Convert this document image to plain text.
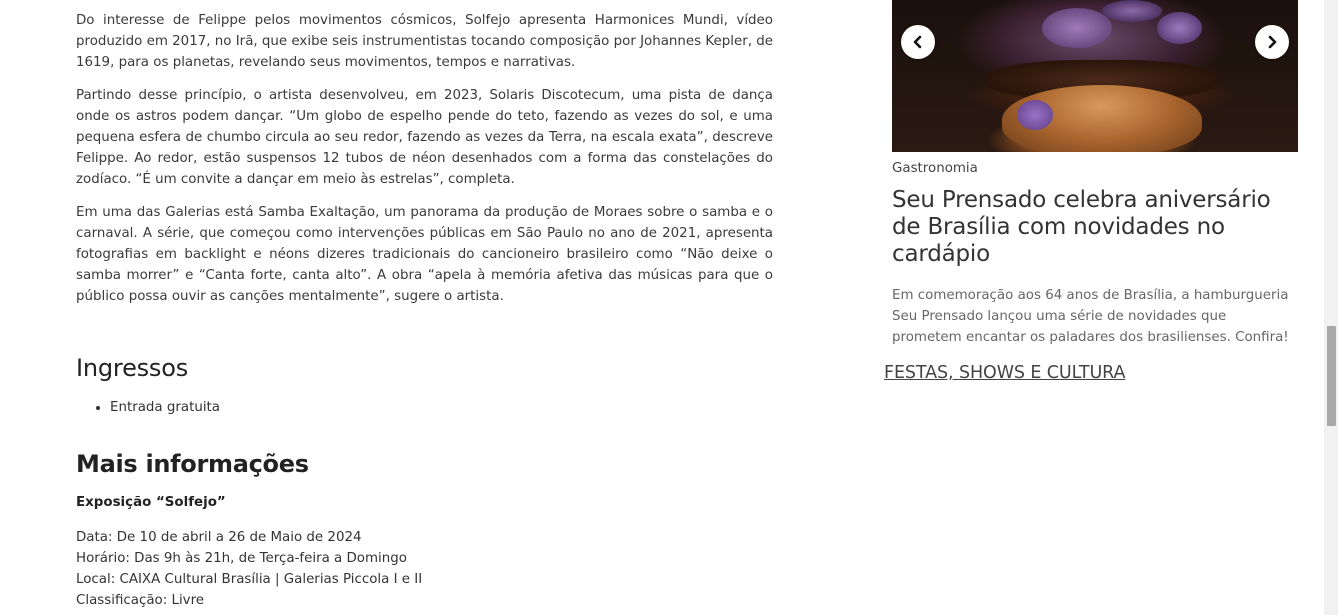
Do interesse de Felippe pelos movimentos cósmicos, Solfejo apresenta Harmonices Mundi, vídeo produzido em 2017, no Irã, que exibe seis instrumentistas tocando composição por Johannes Kepler, de 1619, para os planetas, revelando seus movimentos, tempos e narrativas.

Partindo desse princípio, o artista desenvolveu, em 2023, Solaris Discotecum, uma pista de dança onde os astros podem dançar. “Um globo de espelho pende do teto, fazendo as vezes do sol, e uma pequena esfera de chumbo circula ao seu redor, fazendo as vezes da Terra, na escala exata”, descreve Felippe. Ao redor, estão suspensos 12 tubos de néon desenhados com a forma das constelações do zodíaco. “É um convite a dançar em meio às estrelas”, completa.

Em uma das Galerias está Samba Exaltação, um panorama da produção de Moraes sobre o samba e o carnaval. A série, que começou como intervenções públicas em São Paulo no ano de 2021, apresenta fotografias em backlight e néons dizeres tradicionais do cancioneiro brasileiro como “Não deixe o samba morrer” e “Canta forte, canta alto”. A obra “apela à memória afetiva das músicas para que o público possa ouvir as canções mentalmente”, sugere o artista.

Ingressos
• Entrada gratuita
Mais informações
Exposição “Solfejo”
Data: De 10 de abril a 26 de Maio de 2024
Horário: Das 9h às 21h, de Terça-feira a Domingo
Local: CAIXA Cultural Brasília | Galerias Piccola I e II
Classificação: Livre
Gastronomia
Seu Prensado celebra aniversário de Brasília com novidades no cardápio
Em comemoração aos 64 anos de Brasília, a hamburgueria Seu Prensado lançou uma série de novidades que prometem encantar os paladares dos brasilienses. Confira!
FESTAS, SHOWS E CULTURA
